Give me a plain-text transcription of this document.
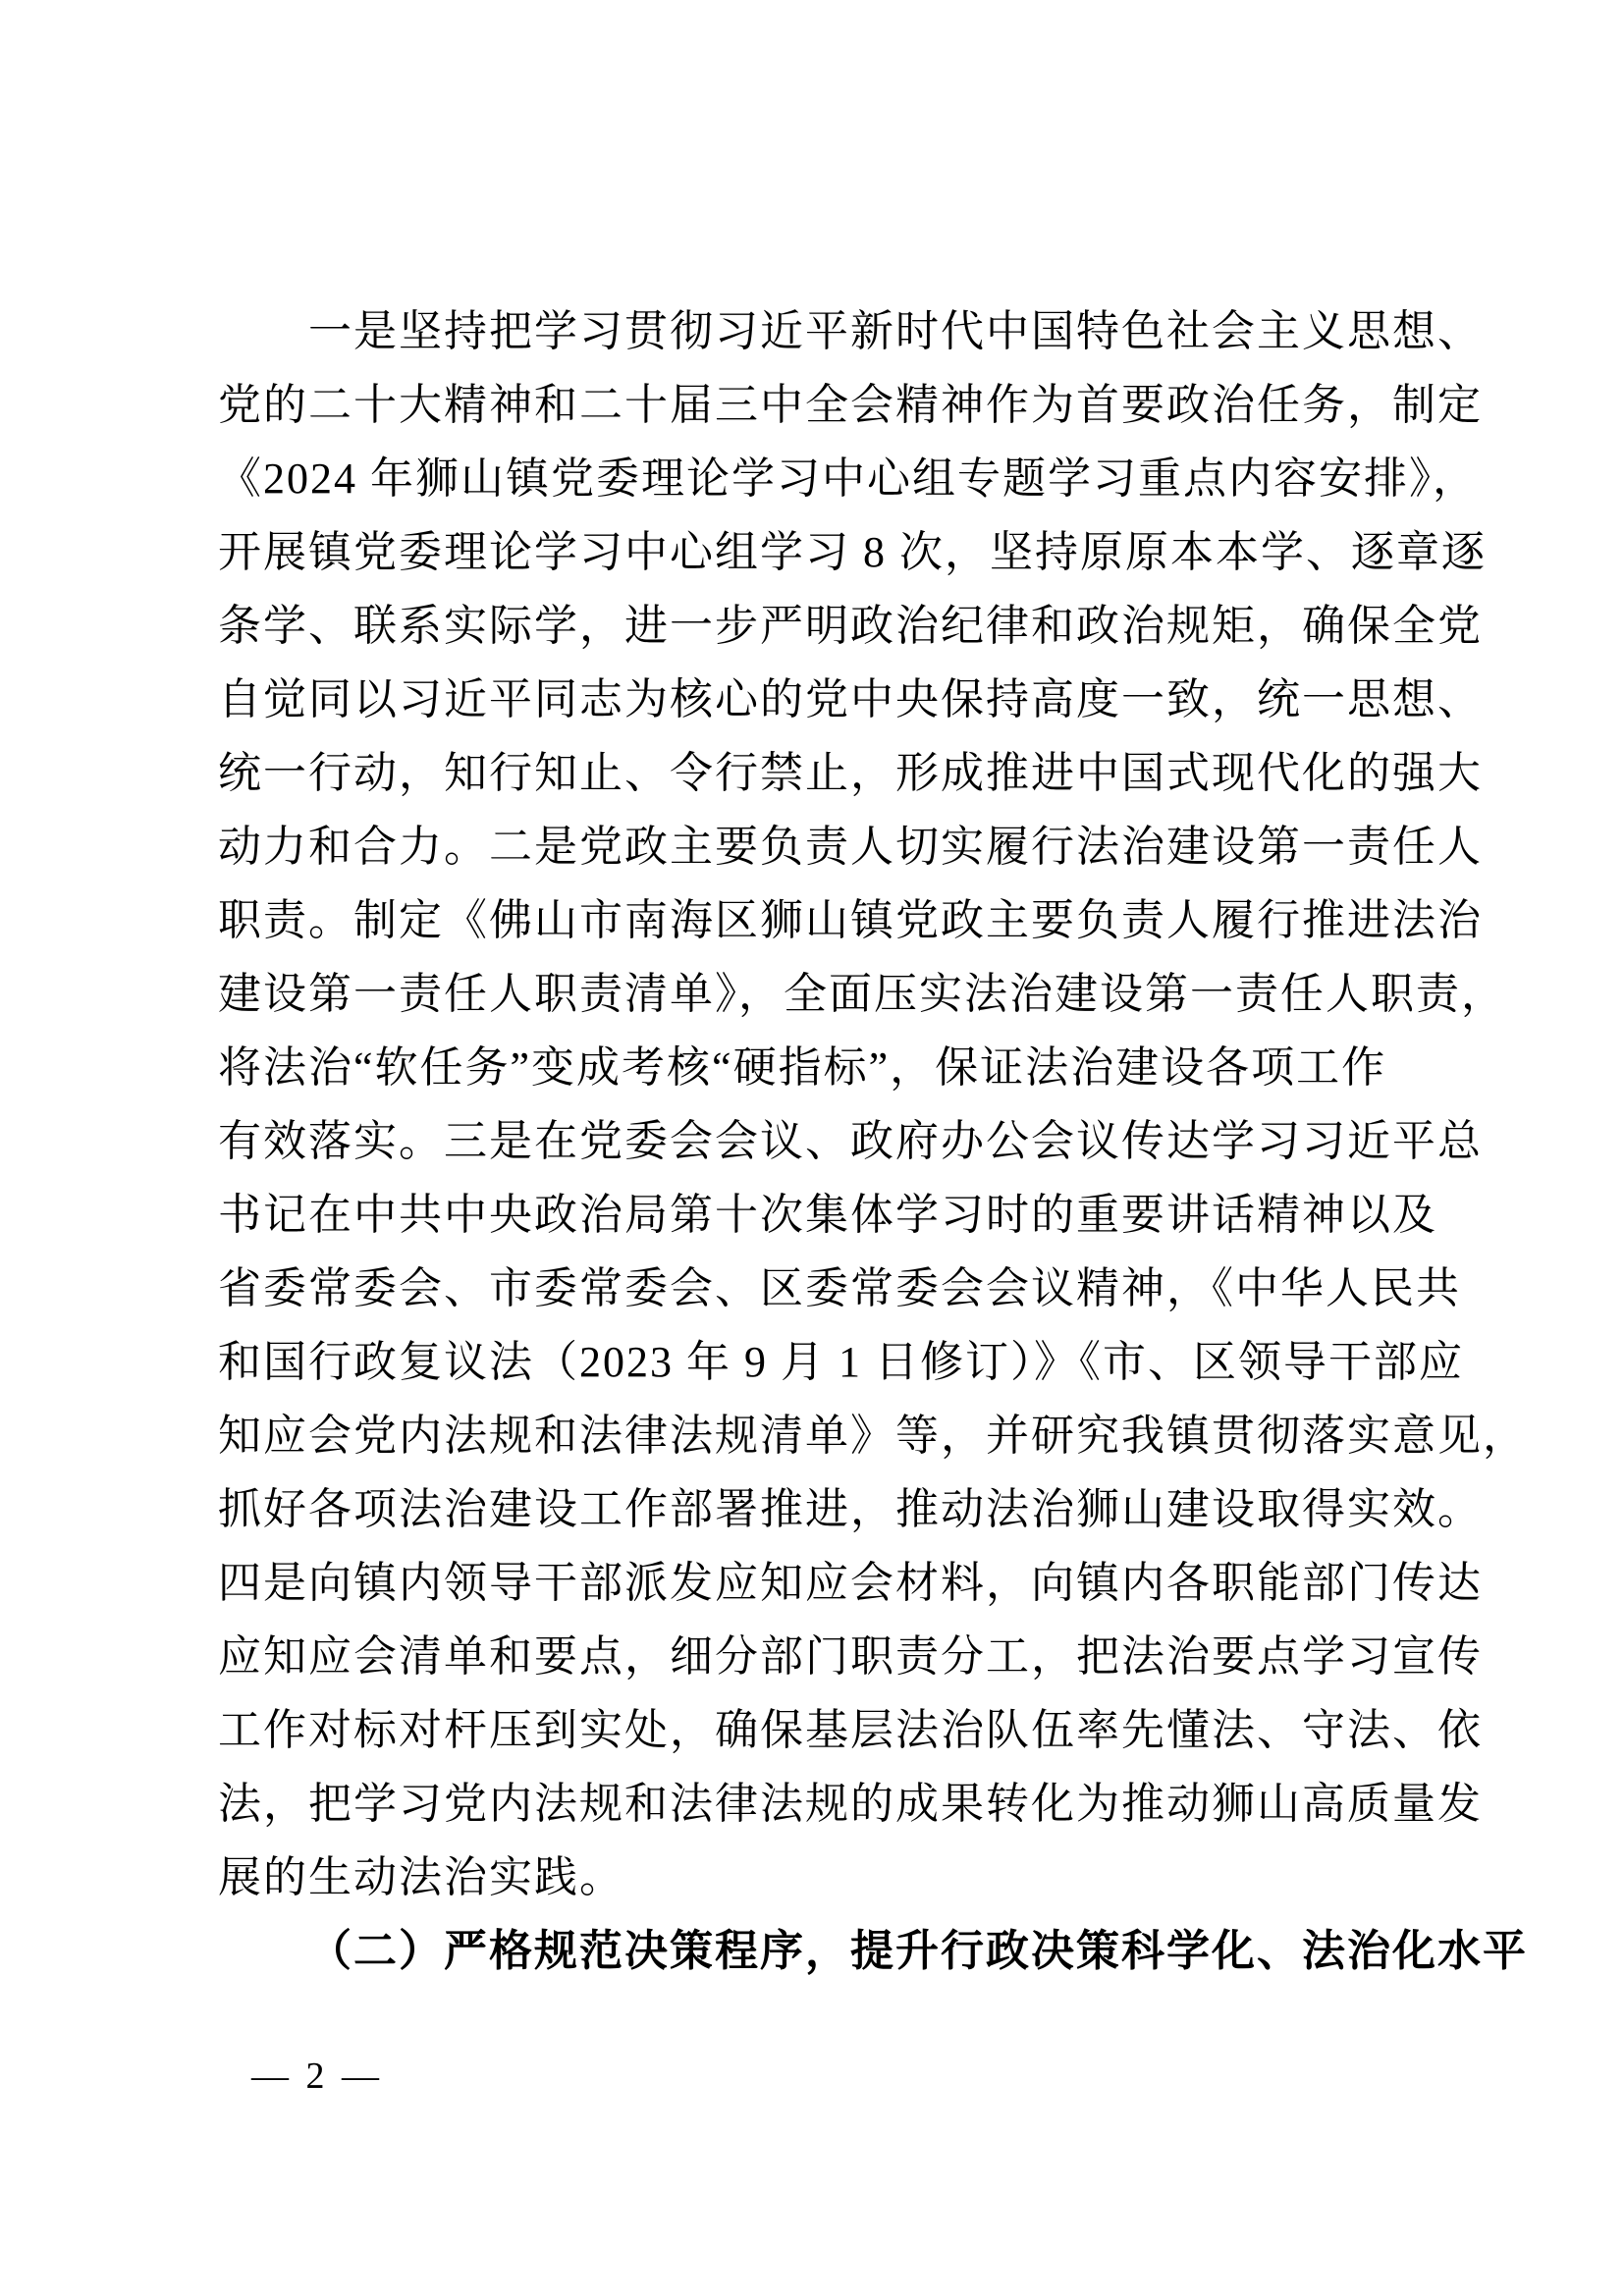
一是坚持把学习贯彻习近平新时代中国特色社会主义思想、
党的二十大精神和二十届三中全会精神作为首要政治任务，制定
《2024 年狮山镇党委理论学习中心组专题学习重点内容安排》，
开展镇党委理论学习中心组学习 8 次，坚持原原本本学、逐章逐
条学、联系实际学，进一步严明政治纪律和政治规矩，确保全党
自觉同以习近平同志为核心的党中央保持高度一致，统一思想、
统一行动，知行知止、令行禁止，形成推进中国式现代化的强大
动力和合力。二是党政主要负责人切实履行法治建设第一责任人
职责。制定《佛山市南海区狮山镇党政主要负责人履行推进法治
建设第一责任人职责清单》，全面压实法治建设第一责任人职责，
将法治“软任务”变成考核“硬指标”，保证法治建设各项工作
有效落实。三是在党委会会议、政府办公会议传达学习习近平总
书记在中共中央政治局第十次集体学习时的重要讲话精神以及
省委常委会、市委常委会、区委常委会会议精神，《中华人民共
和国行政复议法（2023 年 9 月 1 日修订）》《市、区领导干部应
知应会党内法规和法律法规清单》等，并研究我镇贯彻落实意见，
抓好各项法治建设工作部署推进，推动法治狮山建设取得实效。
四是向镇内领导干部派发应知应会材料，向镇内各职能部门传达
应知应会清单和要点，细分部门职责分工，把法治要点学习宣传
工作对标对杆压到实处，确保基层法治队伍率先懂法、守法、依
法，把学习党内法规和法律法规的成果转化为推动狮山高质量发
展的生动法治实践。
（二）严格规范决策程序，提升行政决策科学化、法治化水平
— 2 —
